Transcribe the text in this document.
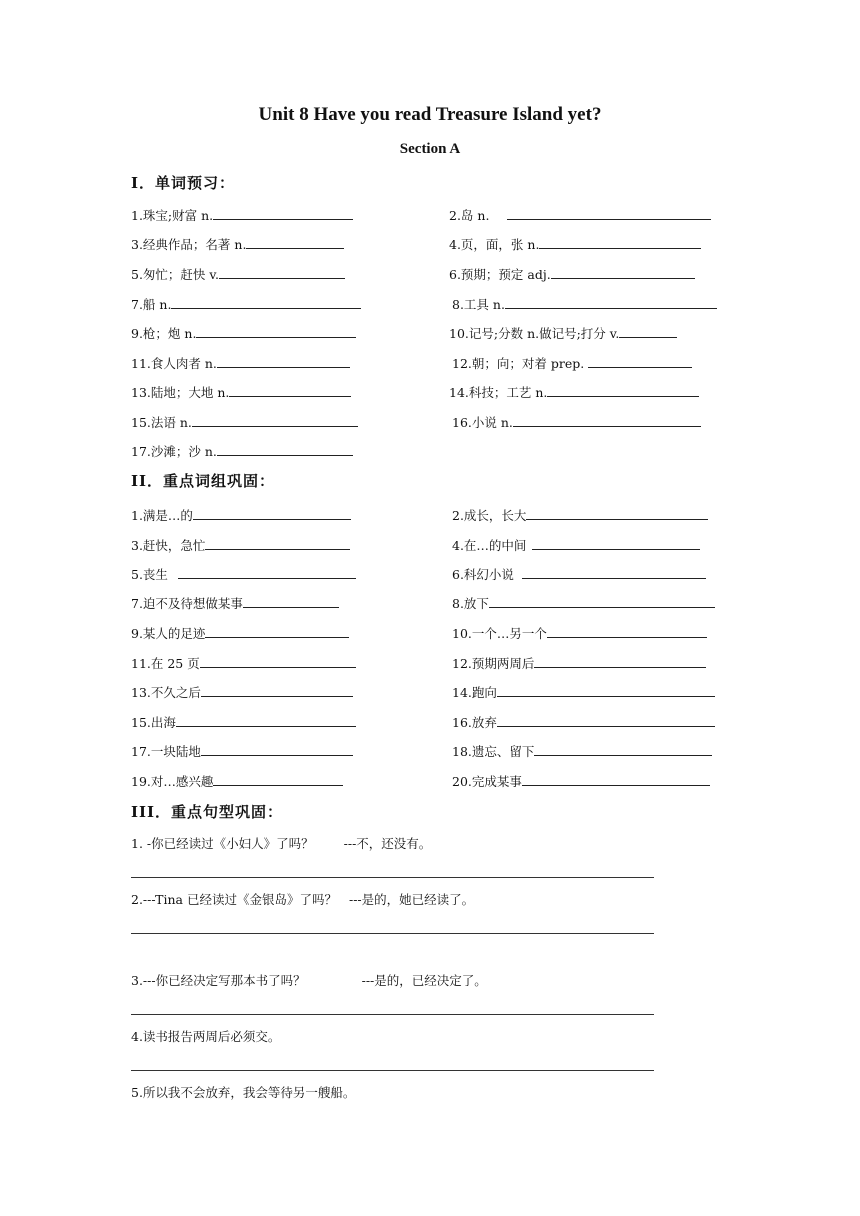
Unit 8 Have you read Treasure Island yet?
Section A
I．单词预习：
1.珠宝;财富 n.	2.岛 n.
3.经典作品；名著 n.	4.页，面，张 n.
5.匆忙；赶快 v.	6.预期；预定 adj.
7.船 n.	8.工具 n.
9.枪；炮 n.	10.记号;分数 n.做记号;打分 v.
11.食人肉者 n.	12.朝；向；对着 prep.
13.陆地；大地 n.	14.科技；工艺 n.
15.法语 n.	16.小说 n.
17.沙滩；沙 n.
II．重点词组巩固：
1.满是…的	2.成长，长大
3.赶快，急忙	4.在…的中间
5.丧生	6.科幻小说
7.迫不及待想做某事	8.放下
9.某人的足迹	10.一个…另一个
11.在 25 页	12.预期两周后
13.不久之后	14.跑向
15.出海	16.放弃
17.一块陆地	18.遗忘、留下
19.对…感兴趣	20.完成某事
III．重点句型巩固：
1. -你已经读过《小妇人》了吗？ ---不，还没有。
2.---Tina 已经读过《金银岛》了吗？ ---是的，她已经读了。
3.---你已经决定写那本书了吗？	---是的，已经决定了。
4.读书报告两周后必须交。
5.所以我不会放弃，我会等待另一艘船。
